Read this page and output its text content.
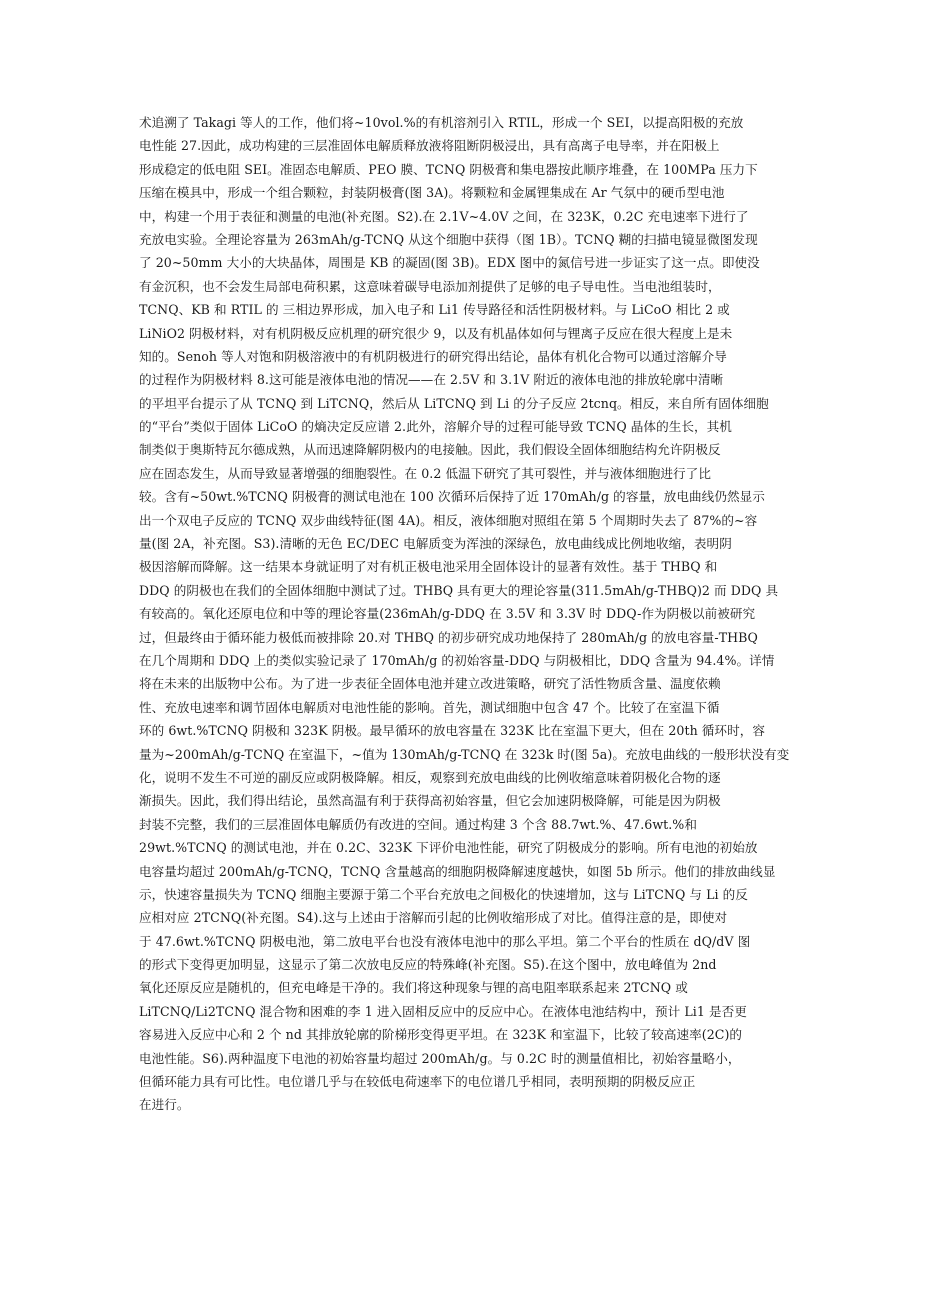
术追溯了 Takagi 等人的工作，他们将~10vol.%的有机溶剂引入 RTIL，形成一个 SEI，以提高阳极的充放
电性能 27.因此，成功构建的三层准固体电解质释放液将阻断阴极浸出，具有高离子电导率，并在阳极上
形成稳定的低电阻 SEI。准固态电解质、PEO 膜、TCNQ 阴极膏和集电器按此顺序堆叠，在 100MPa 压力下
压缩在模具中，形成一个组合颗粒，封装阴极膏(图 3A)。将颗粒和金属锂集成在 Ar 气氛中的硬币型电池
中，构建一个用于表征和测量的电池(补充图。S2).在 2.1V~4.0V 之间，在 323K，0.2C 充电速率下进行了
充放电实验。全理论容量为 263mAh/g-TCNQ 从这个细胞中获得（图 1B）。TCNQ 糊的扫描电镜显微图发现
了 20~50mm 大小的大块晶体，周围是 KB 的凝固(图 3B)。EDX 图中的氮信号进一步证实了这一点。即使没
有金沉积，也不会发生局部电荷积累，这意味着碳导电添加剂提供了足够的电子导电性。当电池组装时，
TCNQ、KB 和 RTIL 的 三相边界形成，加入电子和 Li1 传导路径和活性阴极材料。与 LiCoO 相比 2 或
LiNiO2 阴极材料，对有机阴极反应机理的研究很少 9，以及有机晶体如何与锂离子反应在很大程度上是未
知的。Senoh 等人对饱和阴极溶液中的有机阴极进行的研究得出结论，晶体有机化合物可以通过溶解介导
的过程作为阴极材料 8.这可能是液体电池的情况——在 2.5V 和 3.1V 附近的液体电池的排放轮廓中清晰
的平坦平台提示了从 TCNQ 到 LiTCNQ，然后从 LiTCNQ 到 Li 的分子反应 2tcnq。相反，来自所有固体细胞
的“平台”类似于固体 LiCoO 的熵决定反应谱 2.此外，溶解介导的过程可能导致 TCNQ 晶体的生长，其机
制类似于奥斯特瓦尔德成熟，从而迅速降解阴极内的电接触。因此，我们假设全固体细胞结构允许阴极反
应在固态发生，从而导致显著增强的细胞裂性。在 0.2 低温下研究了其可裂性，并与液体细胞进行了比
较。含有~50wt.%TCNQ 阴极膏的测试电池在 100 次循环后保持了近 170mAh/g 的容量，放电曲线仍然显示
出一个双电子反应的 TCNQ 双步曲线特征(图 4A)。相反，液体细胞对照组在第 5 个周期时失去了 87%的~容
量(图 2A，补充图。S3).清晰的无色 EC/DEC 电解质变为浑浊的深绿色，放电曲线成比例地收缩，表明阴
极因溶解而降解。这一结果本身就证明了对有机正极电池采用全固体设计的显著有效性。基于 THBQ 和
DDQ 的阴极也在我们的全固体细胞中测试了过。THBQ 具有更大的理论容量(311.5mAh/g-THBQ)2 而 DDQ 具
有较高的。氧化还原电位和中等的理论容量(236mAh/g-DDQ 在 3.5V 和 3.3V 时 DDQ-作为阴极以前被研究
过，但最终由于循环能力极低而被排除 20.对 THBQ 的初步研究成功地保持了 280mAh/g 的放电容量-THBQ
在几个周期和 DDQ 上的类似实验记录了 170mAh/g 的初始容量-DDQ 与阴极相比，DDQ 含量为 94.4%。详情
将在未来的出版物中公布。为了进一步表征全固体电池并建立改进策略，研究了活性物质含量、温度依赖
性、充放电速率和调节固体电解质对电池性能的影响。首先，测试细胞中包含 47 个。比较了在室温下循
环的 6wt.%TCNQ 阴极和 323K 阴极。最早循环的放电容量在 323K 比在室温下更大，但在 20th 循环时，容
量为~200mAh/g-TCNQ 在室温下，~值为 130mAh/g-TCNQ 在 323k 时(图 5a)。充放电曲线的一般形状没有变
化，说明不发生不可逆的副反应或阴极降解。相反，观察到充放电曲线的比例收缩意味着阴极化合物的逐
渐损失。因此，我们得出结论，虽然高温有利于获得高初始容量，但它会加速阴极降解，可能是因为阴极
封装不完整，我们的三层准固体电解质仍有改进的空间。通过构建 3 个含 88.7wt.%、47.6wt.%和
29wt.%TCNQ 的测试电池，并在 0.2C、323K 下评价电池性能，研究了阴极成分的影响。所有电池的初始放
电容量均超过 200mAh/g-TCNQ，TCNQ 含量越高的细胞阴极降解速度越快，如图 5b 所示。他们的排放曲线显
示，快速容量损失为 TCNQ 细胞主要源于第二个平台充放电之间极化的快速增加，这与 LiTCNQ 与 Li 的反
应相对应 2TCNQ(补充图。S4).这与上述由于溶解而引起的比例收缩形成了对比。值得注意的是，即使对
于 47.6wt.%TCNQ 阴极电池，第二放电平台也没有液体电池中的那么平坦。第二个平台的性质在 dQ/dV 图
的形式下变得更加明显，这显示了第二次放电反应的特殊峰(补充图。S5).在这个图中，放电峰值为 2nd
氧化还原反应是随机的，但充电峰是干净的。我们将这种现象与锂的高电阻率联系起来 2TCNQ 或
LiTCNQ/Li2TCNQ 混合物和困难的李 1 进入固相反应中的反应中心。在液体电池结构中，预计 Li1 是否更
容易进入反应中心和 2 个 nd 其排放轮廓的阶梯形变得更平坦。在 323K 和室温下，比较了较高速率(2C)的
电池性能。S6).两种温度下电池的初始容量均超过 200mAh/g。与 0.2C 时的测量值相比，初始容量略小，
但循环能力具有可比性。电位谱几乎与在较低电荷速率下的电位谱几乎相同，表明预期的阴极反应正
在进行。
